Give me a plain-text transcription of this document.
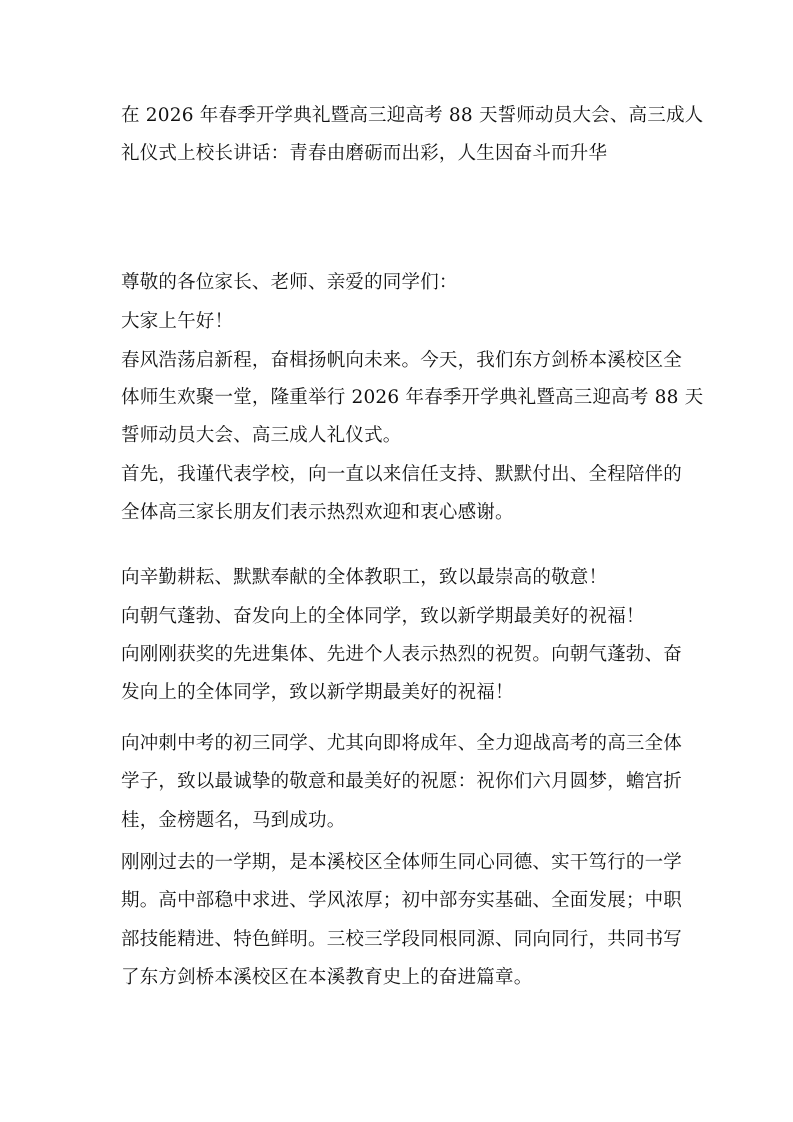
在 2026 年春季开学典礼暨高三迎高考 88 天誓师动员大会、高三成人
礼仪式上校长讲话：青春由磨砺而出彩，人生因奋斗而升华
尊敬的各位家长、老师、亲爱的同学们：
大家上午好！
春风浩荡启新程，奋楫扬帆向未来。今天，我们东方剑桥本溪校区全
体师生欢聚一堂，隆重举行 2026 年春季开学典礼暨高三迎高考 88 天
誓师动员大会、高三成人礼仪式。
首先，我谨代表学校，向一直以来信任支持、默默付出、全程陪伴的
全体高三家长朋友们表示热烈欢迎和衷心感谢。
向辛勤耕耘、默默奉献的全体教职工，致以最崇高的敬意！
向朝气蓬勃、奋发向上的全体同学，致以新学期最美好的祝福！
向刚刚获奖的先进集体、先进个人表示热烈的祝贺。向朝气蓬勃、奋
发向上的全体同学，致以新学期最美好的祝福！
向冲刺中考的初三同学、尤其向即将成年、全力迎战高考的高三全体
学子，致以最诚挚的敬意和最美好的祝愿：祝你们六月圆梦，蟾宫折
桂，金榜题名，马到成功。
刚刚过去的一学期，是本溪校区全体师生同心同德、实干笃行的一学
期。高中部稳中求进、学风浓厚；初中部夯实基础、全面发展；中职
部技能精进、特色鲜明。三校三学段同根同源、同向同行，共同书写
了东方剑桥本溪校区在本溪教育史上的奋进篇章。
